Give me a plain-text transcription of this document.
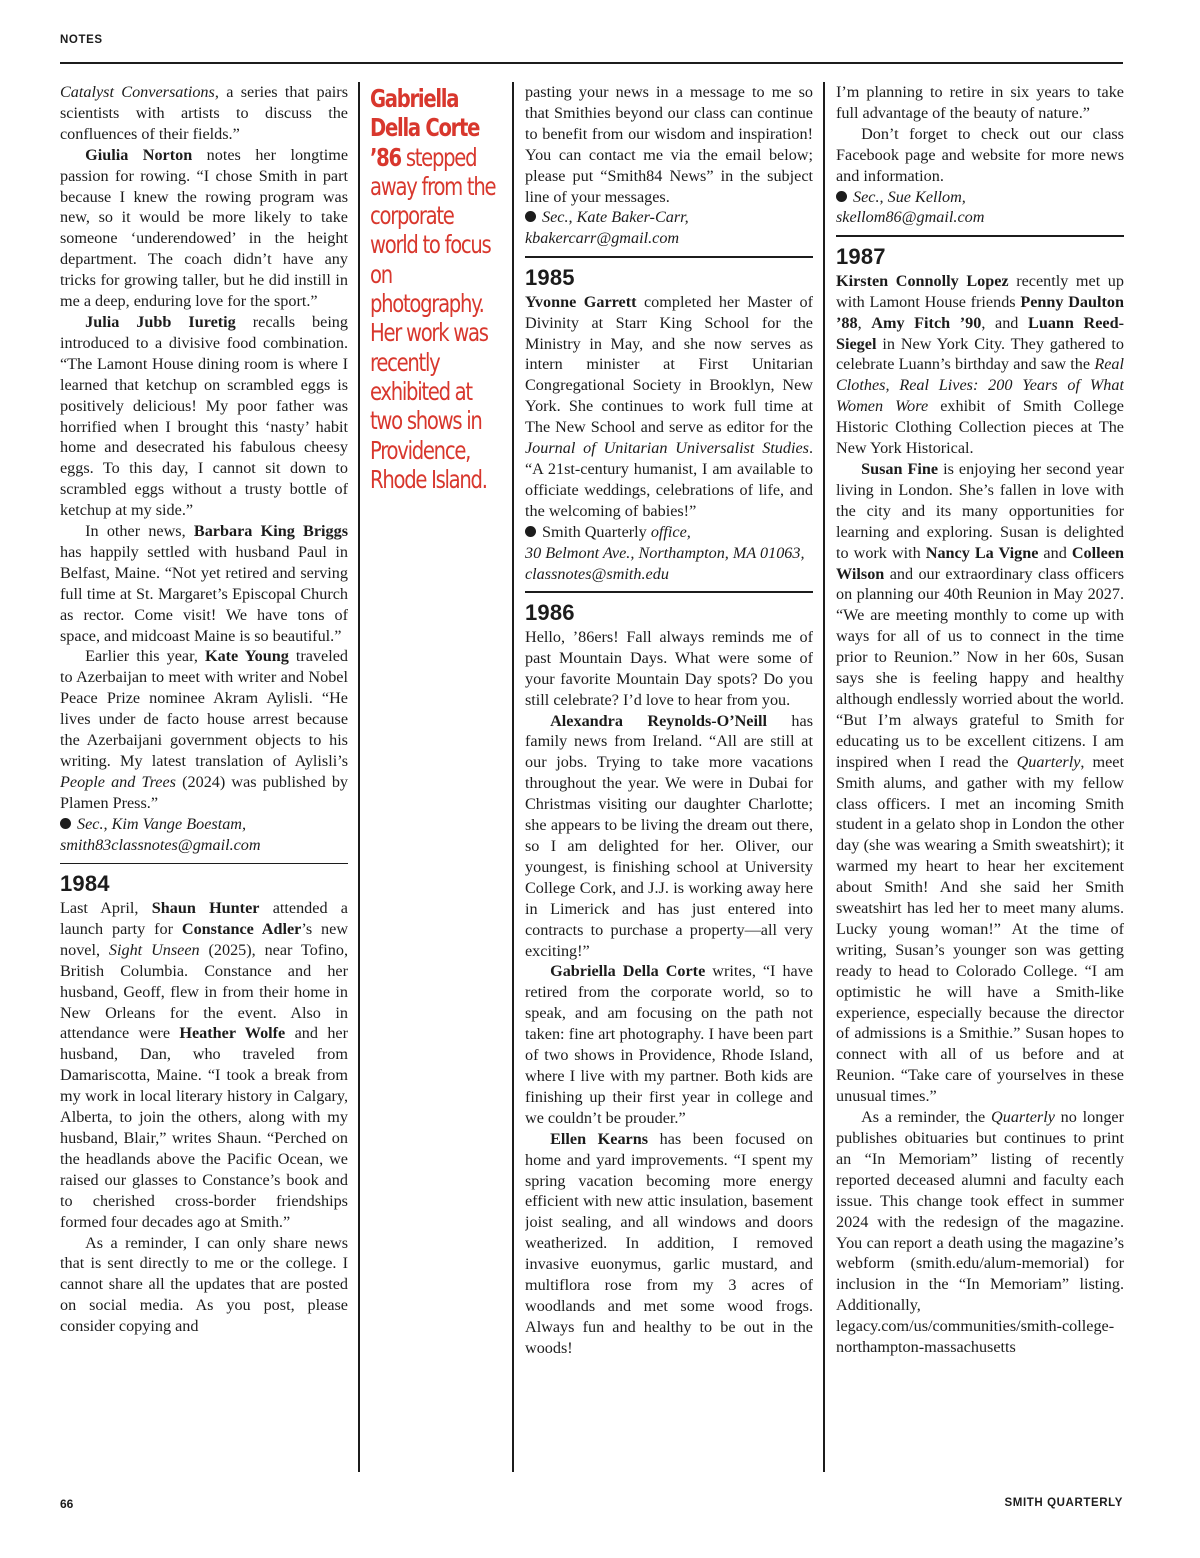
NOTES

Catalyst Conversations, a series that pairs scientists with artists to discuss the confluences of their fields.”

Giulia Norton notes her longtime passion for rowing. “I chose Smith in part because I knew the rowing program was new, so it would be more likely to take someone ‘underendowed’ in the height department. The coach didn’t have any tricks for growing taller, but he did instill in me a deep, enduring love for the sport.”

Julia Jubb Iuretig recalls being introduced to a divisive food combination. “The Lamont House dining room is where I learned that ketchup on scrambled eggs is positively delicious! My poor father was horrified when I brought this ‘nasty’ habit home and desecrated his fabulous cheesy eggs. To this day, I cannot sit down to scrambled eggs without a trusty bottle of ketchup at my side.”

In other news, Barbara King Briggs has happily settled with husband Paul in Belfast, Maine. “Not yet retired and serving full time at St. Margaret’s Episcopal Church as rector. Come visit! We have tons of space, and midcoast Maine is so beautiful.”

Earlier this year, Kate Young traveled to Azerbaijan to meet with writer and Nobel Peace Prize nominee Akram Aylisli. “He lives under de facto house arrest because the Azerbaijani government objects to his writing. My latest translation of Aylisli’s People and Trees (2024) was published by Plamen Press.”

Sec., Kim Vange Boestam,
smith83classnotes@gmail.com

1984

Last April, Shaun Hunter attended a launch party for Constance Adler’s new novel, Sight Unseen (2025), near Tofino, British Columbia. Constance and her husband, Geoff, flew in from their home in New Orleans for the event. Also in attendance were Heather Wolfe and her husband, Dan, who traveled from Damariscotta, Maine. “I took a break from my work in local literary history in Calgary, Alberta, to join the others, along with my husband, Blair,” writes Shaun. “Perched on the headlands above the Pacific Ocean, we raised our glasses to Constance’s book and to cherished cross-border friendships formed four decades ago at Smith.”

As a reminder, I can only share news that is sent directly to me or the college. I cannot share all the updates that are posted on social media. As you post, please consider copying and

Gabriella Della Corte ’86 stepped away from the corporate world to focus on photography. Her work was recently exhibited at two shows in Providence, Rhode Island.

pasting your news in a message to me so that Smithies beyond our class can continue to benefit from our wisdom and inspiration! You can contact me via the email below; please put “Smith84 News” in the subject line of your messages.

Sec., Kate Baker-Carr,
kbakercarr@gmail.com

1985

Yvonne Garrett completed her Master of Divinity at Starr King School for the Ministry in May, and she now serves as intern minister at First Unitarian Congregational Society in Brooklyn, New York. She continues to work full time at The New School and serve as editor for the Journal of Unitarian Universalist Studies. “A 21st-century humanist, I am available to officiate weddings, celebrations of life, and the welcoming of babies!”

Smith Quarterly office,
30 Belmont Ave., Northampton, MA 01063, classnotes@smith.edu

1986

Hello, ’86ers! Fall always reminds me of past Mountain Days. What were some of your favorite Mountain Day spots? Do you still celebrate? I’d love to hear from you.

Alexandra Reynolds-O’Neill has family news from Ireland. “All are still at our jobs. Trying to take more vacations throughout the year. We were in Dubai for Christmas visiting our daughter Charlotte; she appears to be living the dream out there, so I am delighted for her. Oliver, our youngest, is finishing school at University College Cork, and J.J. is working away here in Limerick and has just entered into contracts to purchase a property—all very exciting!”

Gabriella Della Corte writes, “I have retired from the corporate world, so to speak, and am focusing on the path not taken: fine art photography. I have been part of two shows in Providence, Rhode Island, where I live with my partner. Both kids are finishing up their first year in college and we couldn’t be prouder.”

Ellen Kearns has been focused on home and yard improvements. “I spent my spring vacation becoming more energy efficient with new attic insulation, basement joist sealing, and all windows and doors weatherized. In addition, I removed invasive euonymus, garlic mustard, and multiflora rose from my 3 acres of woodlands and met some wood frogs. Always fun and healthy to be out in the woods!

I’m planning to retire in six years to take full advantage of the beauty of nature.”

Don’t forget to check out our class Facebook page and website for more news and information.

Sec., Sue Kellom,
skellom86@gmail.com

1987

Kirsten Connolly Lopez recently met up with Lamont House friends Penny Daulton ’88, Amy Fitch ’90, and Luann Reed-Siegel in New York City. They gathered to celebrate Luann’s birthday and saw the Real Clothes, Real Lives: 200 Years of What Women Wore exhibit of Smith College Historic Clothing Collection pieces at The New York Historical.

Susan Fine is enjoying her second year living in London. She’s fallen in love with the city and its many opportunities for learning and exploring. Susan is delighted to work with Nancy La Vigne and Colleen Wilson and our extraordinary class officers on planning our 40th Reunion in May 2027. “We are meeting monthly to come up with ways for all of us to connect in the time prior to Reunion.” Now in her 60s, Susan says she is feeling happy and healthy although endlessly worried about the world. “But I’m always grateful to Smith for educating us to be excellent citizens. I am inspired when I read the Quarterly, meet Smith alums, and gather with my fellow class officers. I met an incoming Smith student in a gelato shop in London the other day (she was wearing a Smith sweatshirt); it warmed my heart to hear her excitement about Smith! And she said her Smith sweatshirt has led her to meet many alums. Lucky young woman!” At the time of writing, Susan’s younger son was getting ready to head to Colorado College. “I am optimistic he will have a Smith-like experience, especially because the director of admissions is a Smithie.” Susan hopes to connect with all of us before and at Reunion. “Take care of yourselves in these unusual times.”

As a reminder, the Quarterly no longer publishes obituaries but continues to print an “In Memoriam” listing of recently reported deceased alumni and faculty each issue. This change took effect in summer 2024 with the redesign of the magazine. You can report a death using the magazine’s webform (smith.edu/alum-memorial) for inclusion in the “In Memoriam” listing. Additionally, legacy.com/us/communities/smith-college-northampton-massachusetts

66	SMITH QUARTERLY
